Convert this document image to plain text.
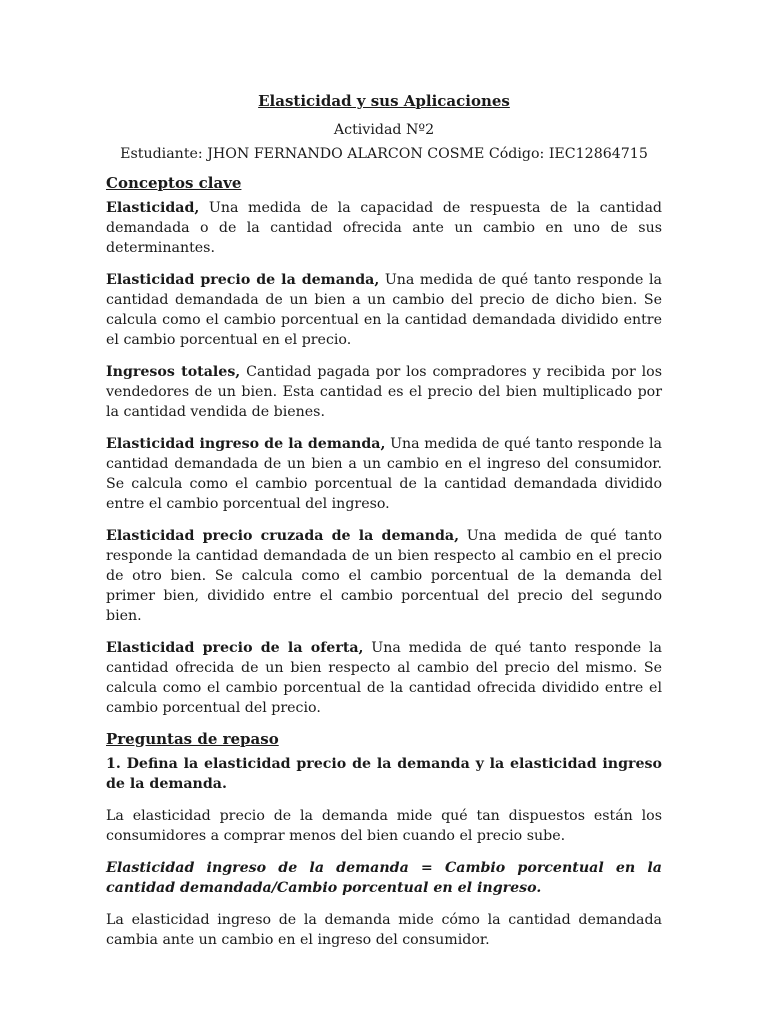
Elasticidad y sus Aplicaciones
Actividad Nº2
Estudiante: JHON FERNANDO ALARCON COSME Código: IEC12864715
Conceptos clave

Elasticidad, Una medida de la capacidad de respuesta de la cantidad demandada o de la cantidad ofrecida ante un cambio en uno de sus determinantes.

Elasticidad precio de la demanda, Una medida de qué tanto responde la cantidad demandada de un bien a un cambio del precio de dicho bien. Se calcula como el cambio porcentual en la cantidad demandada dividido entre el cambio porcentual en el precio.

Ingresos totales, Cantidad pagada por los compradores y recibida por los vendedores de un bien. Esta cantidad es el precio del bien multiplicado por la cantidad vendida de bienes.

Elasticidad ingreso de la demanda, Una medida de qué tanto responde la cantidad demandada de un bien a un cambio en el ingreso del consumidor. Se calcula como el cambio porcentual de la cantidad demandada dividido entre el cambio porcentual del ingreso.

Elasticidad precio cruzada de la demanda, Una medida de qué tanto responde la cantidad demandada de un bien respecto al cambio en el precio de otro bien. Se calcula como el cambio porcentual de la demanda del primer bien, dividido entre el cambio porcentual del precio del segundo bien.

Elasticidad precio de la oferta, Una medida de qué tanto responde la cantidad ofrecida de un bien respecto al cambio del precio del mismo. Se calcula como el cambio porcentual de la cantidad ofrecida dividido entre el cambio porcentual del precio.

Preguntas de repaso

1. Defina la elasticidad precio de la demanda y la elasticidad ingreso de la demanda.

La elasticidad precio de la demanda mide qué tan dispuestos están los consumidores a comprar menos del bien cuando el precio sube.

Elasticidad ingreso de la demanda = Cambio porcentual en la cantidad demandada/Cambio porcentual en el ingreso.

La elasticidad ingreso de la demanda mide cómo la cantidad demandada cambia ante un cambio en el ingreso del consumidor.
